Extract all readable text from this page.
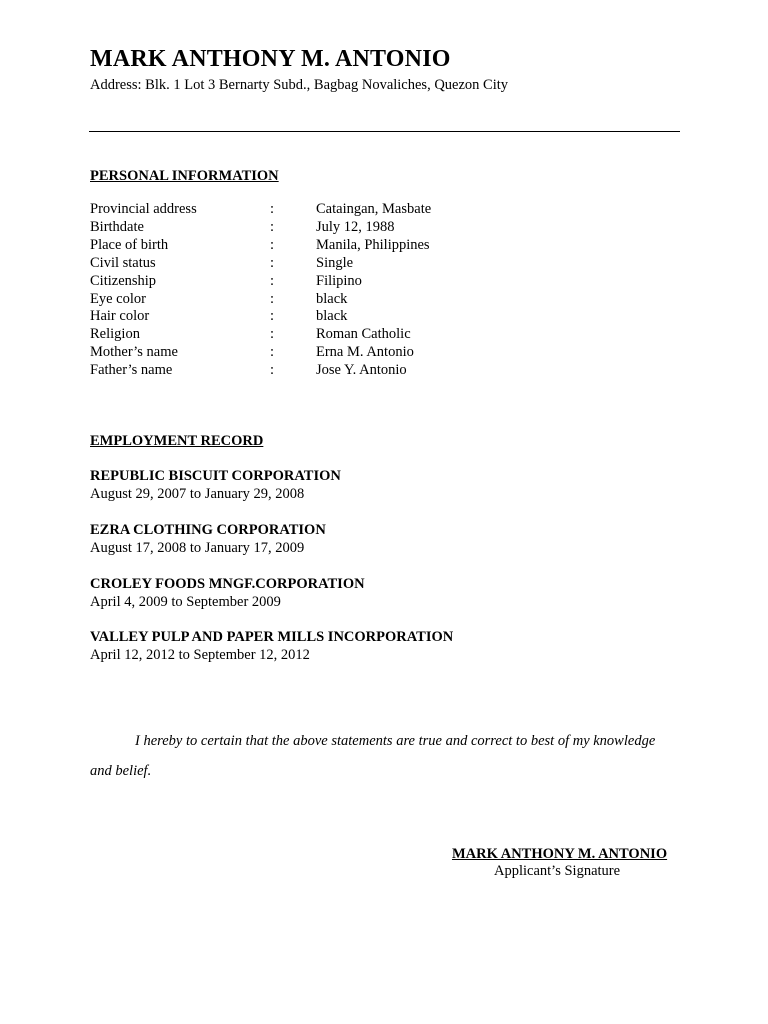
MARK ANTHONY M. ANTONIO
Address: Blk. 1 Lot 3 Bernarty Subd., Bagbag Novaliches, Quezon City
PERSONAL INFORMATION
Provincial address	:	Cataingan, Masbate
Birthdate	:	July 12, 1988
Place of birth	:	Manila, Philippines
Civil status	:	Single
Citizenship	:	Filipino
Eye color	:	black
Hair color	:	black
Religion	:	Roman Catholic
Mother’s name	:	Erna M. Antonio
Father’s name	:	Jose Y. Antonio
EMPLOYMENT RECORD
REPUBLIC BISCUIT CORPORATION
August 29, 2007 to January 29, 2008
EZRA CLOTHING CORPORATION
August 17, 2008 to January 17, 2009
CROLEY FOODS MNGF.CORPORATION
April 4, 2009 to September 2009
VALLEY PULP AND PAPER MILLS INCORPORATION
April 12, 2012 to September 12, 2012
I hereby to certain that the above statements are true and correct to best of my knowledge
and belief.
MARK ANTHONY M. ANTONIO
Applicant’s Signature
